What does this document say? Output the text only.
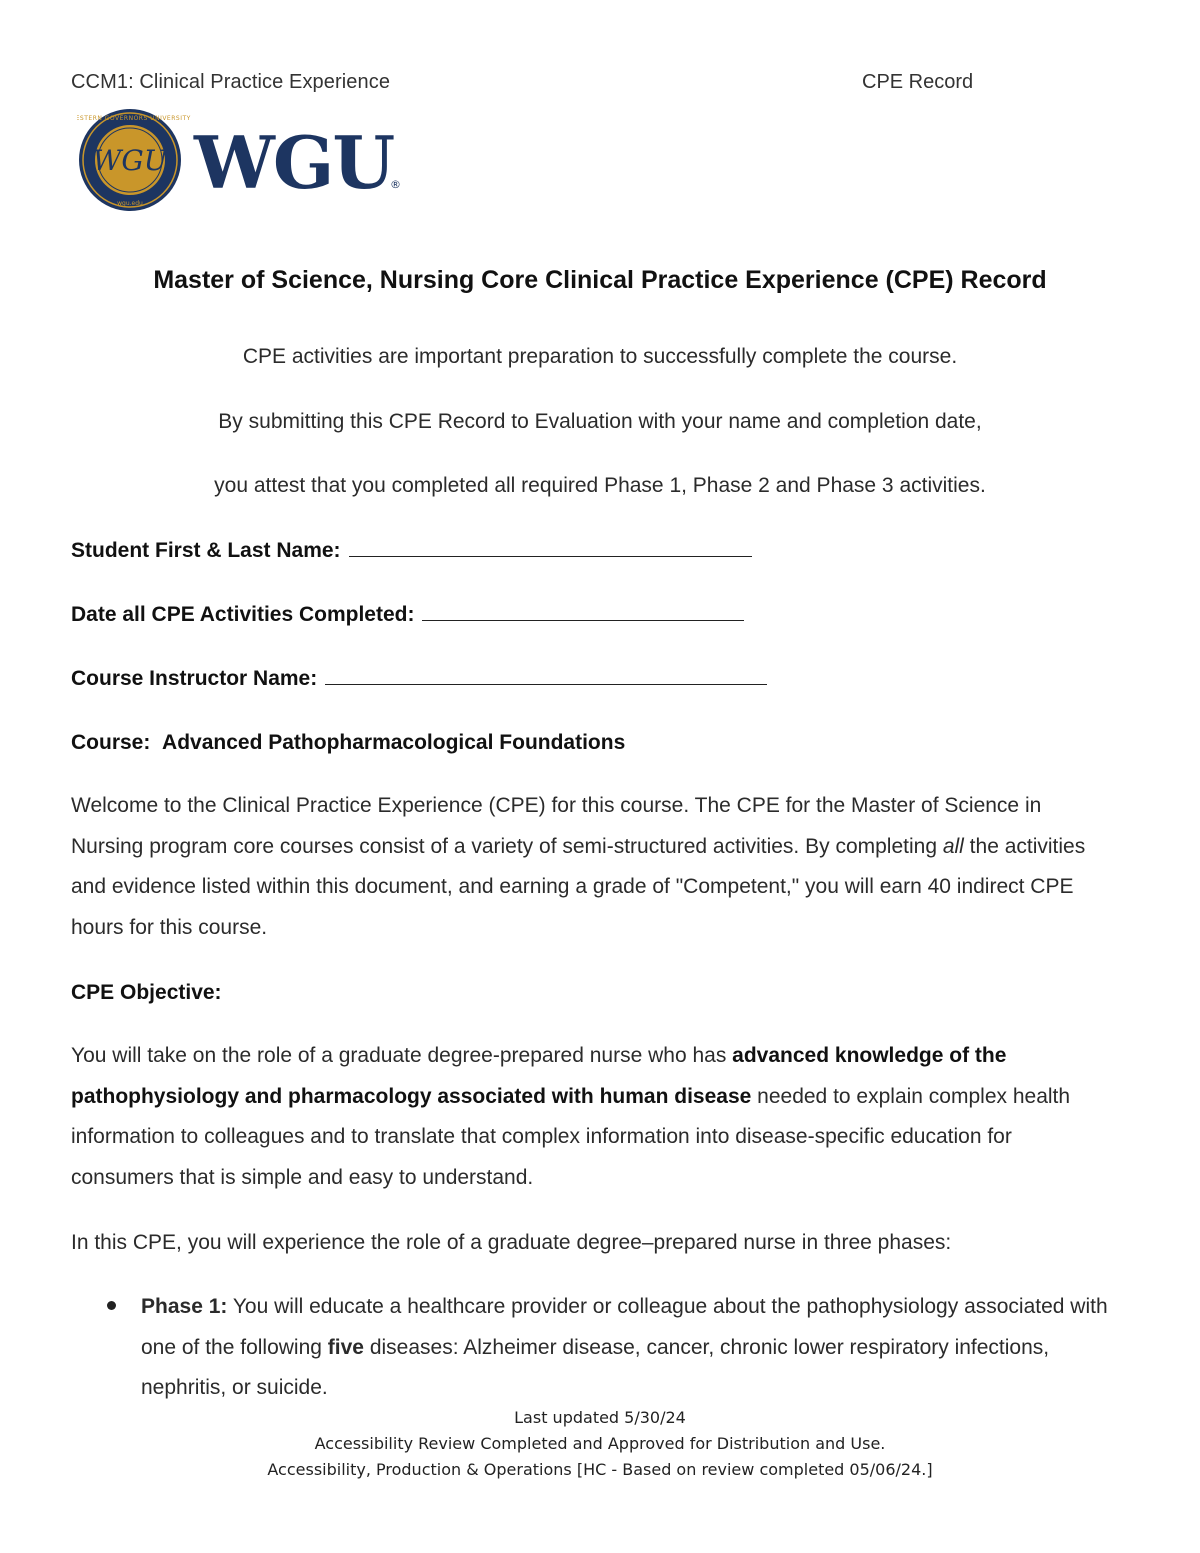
CCM1: Clinical Practice Experience	CPE Record
WGU
WESTERN GOVERNORS UNIVERSITY
wgu.edu WGU
®
Master of Science, Nursing Core Clinical Practice Experience (CPE) Record
CPE activities are important preparation to successfully complete the course.
By submitting this CPE Record to Evaluation with your name and completion date,
you attest that you completed all required Phase 1, Phase 2 and Phase 3 activities.
Student First & Last Name:
Date all CPE Activities Completed:
Course Instructor Name:
Course: Advanced Pathopharmacological Foundations
Welcome to the Clinical Practice Experience (CPE) for this course. The CPE for the Master of Science in Nursing program core courses consist of a variety of semi-structured activities. By completing all the activities and evidence listed within this document, and earning a grade of "Competent," you will earn 40 indirect CPE hours for this course.
CPE Objective:
You will take on the role of a graduate degree-prepared nurse who has advanced knowledge of the pathophysiology and pharmacology associated with human disease needed to explain complex health information to colleagues and to translate that complex information into disease-specific education for consumers that is simple and easy to understand.
In this CPE, you will experience the role of a graduate degree–prepared nurse in three phases:
Phase 1: You will educate a healthcare provider or colleague about the pathophysiology associated with one of the following five diseases: Alzheimer disease, cancer, chronic lower respiratory infections, nephritis, or suicide.
Last updated 5/30/24
Accessibility Review Completed and Approved for Distribution and Use.
Accessibility, Production & Operations [HC - Based on review completed 05/06/24.]
